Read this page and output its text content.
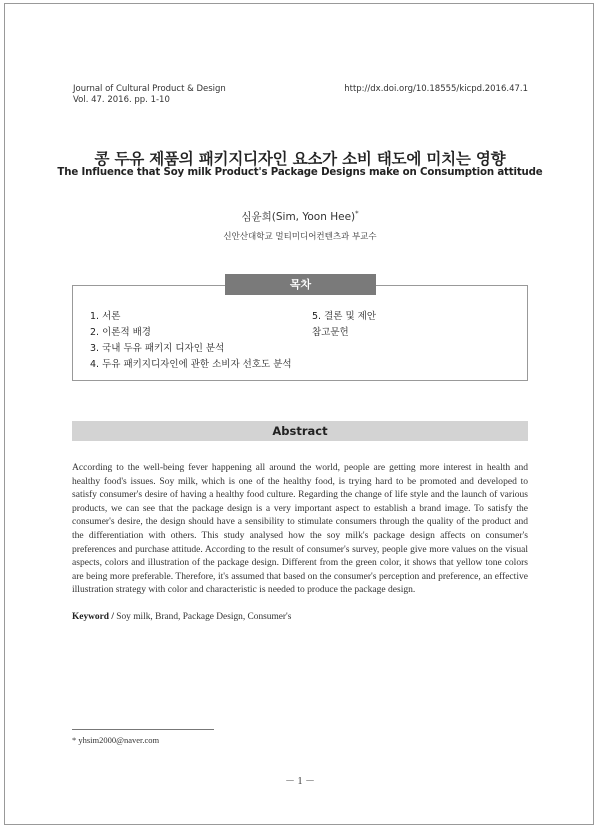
Journal of Cultural Product & Design
Vol. 47. 2016. pp. 1-10
http://dx.doi.org/10.18555/kicpd.2016.47.1
콩 두유 제품의 패키지디자인 요소가 소비 태도에 미치는 영향
The Influence that Soy milk Product's Package Designs make on Consumption attitude
심윤희(Sim, Yoon Hee)*
신안산대학교 멀티미디어컨텐츠과 부교수
목차
1. 서론
2. 이론적 배경
3. 국내 두유 패키지 디자인 분석
4. 두유 패키지디자인에 관한 소비자 선호도 분석
5. 결론 및 제안
참고문헌
Abstract
According to the well-being fever happening all around the world, people are getting more interest in health and healthy food's issues. Soy milk, which is one of the healthy food, is trying hard to be promoted and developed to satisfy consumer's desire of having a healthy food culture. Regarding the change of life style and the launch of various products, we can see that the package design is a very important aspect to establish a brand image. To satisfy the consumer's desire, the design should have a sensibility to stimulate consumers through the quality of the product and the differentiation with others. This study analysed how the soy milk's package design affects on consumer's preferences and purchase attitude. According to the result of consumer's survey, people give more values on the visual aspects, colors and illustration of the package design. Different from the green color, it shows that yellow tone colors are being more preferable. Therefore, it's assumed that based on the consumer's perception and preference, an effective illustration strategy with color and characteristic is needed to produce the package design.
Keyword / Soy milk, Brand, Package Design, Consumer's
* yhsim2000@naver.com
－ 1 －
